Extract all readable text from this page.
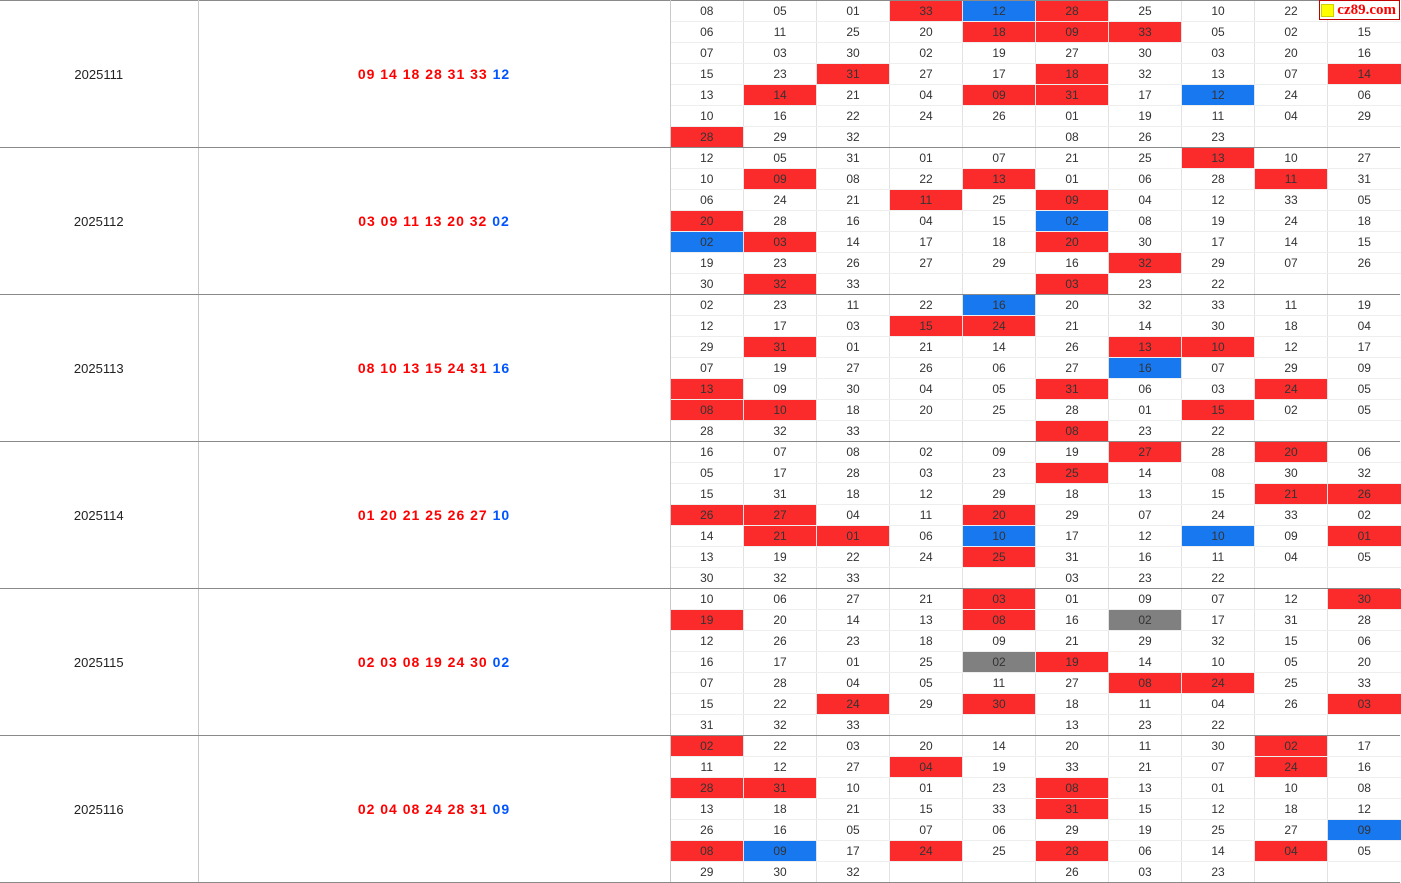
2025111	09 14 18 28 31 33 12	
08	05	01	33	12	28	25	10	22	
06	11	25	20	18	09	33	05	02	15
07	03	30	02	19	27	30	03	20	16
15	23	31	27	17	18	32	13	07	14
13	14	21	04	09	31	17	12	24	06
10	16	22	24	26	01	19	11	04	29
28	29	32			08	26	23		

2025112	03 09 11 13 20 32 02	
12	05	31	01	07	21	25	13	10	27
10	09	08	22	13	01	06	28	11	31
06	24	21	11	25	09	04	12	33	05
20	28	16	04	15	02	08	19	24	18
02	03	14	17	18	20	30	17	14	15
19	23	26	27	29	16	32	29	07	26
30	32	33			03	23	22		

2025113	08 10 13 15 24 31 16	
02	23	11	22	16	20	32	33	11	19
12	17	03	15	24	21	14	30	18	04
29	31	01	21	14	26	13	10	12	17
07	19	27	26	06	27	16	07	29	09
13	09	30	04	05	31	06	03	24	05
08	10	18	20	25	28	01	15	02	05
28	32	33			08	23	22		

2025114	01 20 21 25 26 27 10	
16	07	08	02	09	19	27	28	20	06
05	17	28	03	23	25	14	08	30	32
15	31	18	12	29	18	13	15	21	26
26	27	04	11	20	29	07	24	33	02
14	21	01	06	10	17	12	10	09	01
13	19	22	24	25	31	16	11	04	05
30	32	33			03	23	22		

2025115	02 03 08 19 24 30 02	
10	06	27	21	03	01	09	07	12	30
19	20	14	13	08	16	02	17	31	28
12	26	23	18	09	21	29	32	15	06
16	17	01	25	02	19	14	10	05	20
07	28	04	05	11	27	08	24	25	33
15	22	24	29	30	18	11	04	26	03
31	32	33			13	23	22		

2025116	02 04 08 24 28 31 09	
02	22	03	20	14	20	11	30	02	17
11	12	27	04	19	33	21	07	24	16
28	31	10	01	23	08	13	01	10	08
13	18	21	15	33	31	15	12	18	12
26	16	05	07	06	29	19	25	27	09
08	09	17	24	25	28	06	14	04	05
29	30	32			26	03	23		
cz89.com
